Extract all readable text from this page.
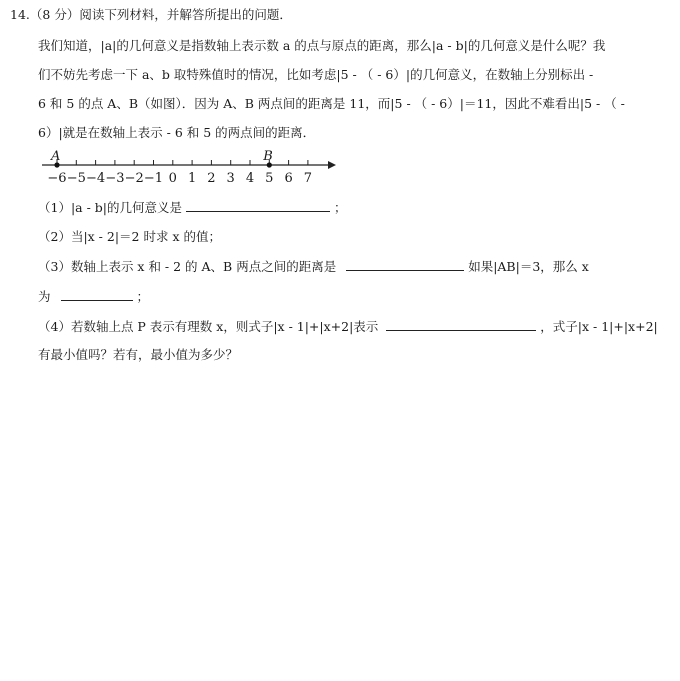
14.（8 分）阅读下列材料，并解答所提出的问题．
我们知道，|a|的几何意义是指数轴上表示数 a 的点与原点的距离，那么|a - b|的几何意义是什么呢？我
们不妨先考虑一下 a、b 取特殊值时的情况，比如考虑|5 - （ - 6）|的几何意义，在数轴上分别标出 -
6 和 5 的点 A、B（如图）．因为 A、B 两点间的距离是 11，而|5 - （ - 6）|＝11，因此不难看出|5 - （ -
6）|就是在数轴上表示 - 6 和 5 的两点间的距离．
−6 −5 −4 −3 −2 −1 0 1 2 3 4 5 6 7
A	B
（1）|a - b|的几何意义是	；
（2）当|x - 2|＝2 时求 x 的值；
（3）数轴上表示 x 和 - 2 的 A、B 两点之间的距离是	如果|AB|＝3，那么 x
为	；
（4）若数轴上点 P 表示有理数 x，则式子|x - 1|+|x+2|表示	，式子|x - 1|+|x+2|
有最小值吗？若有，最小值为多少？
